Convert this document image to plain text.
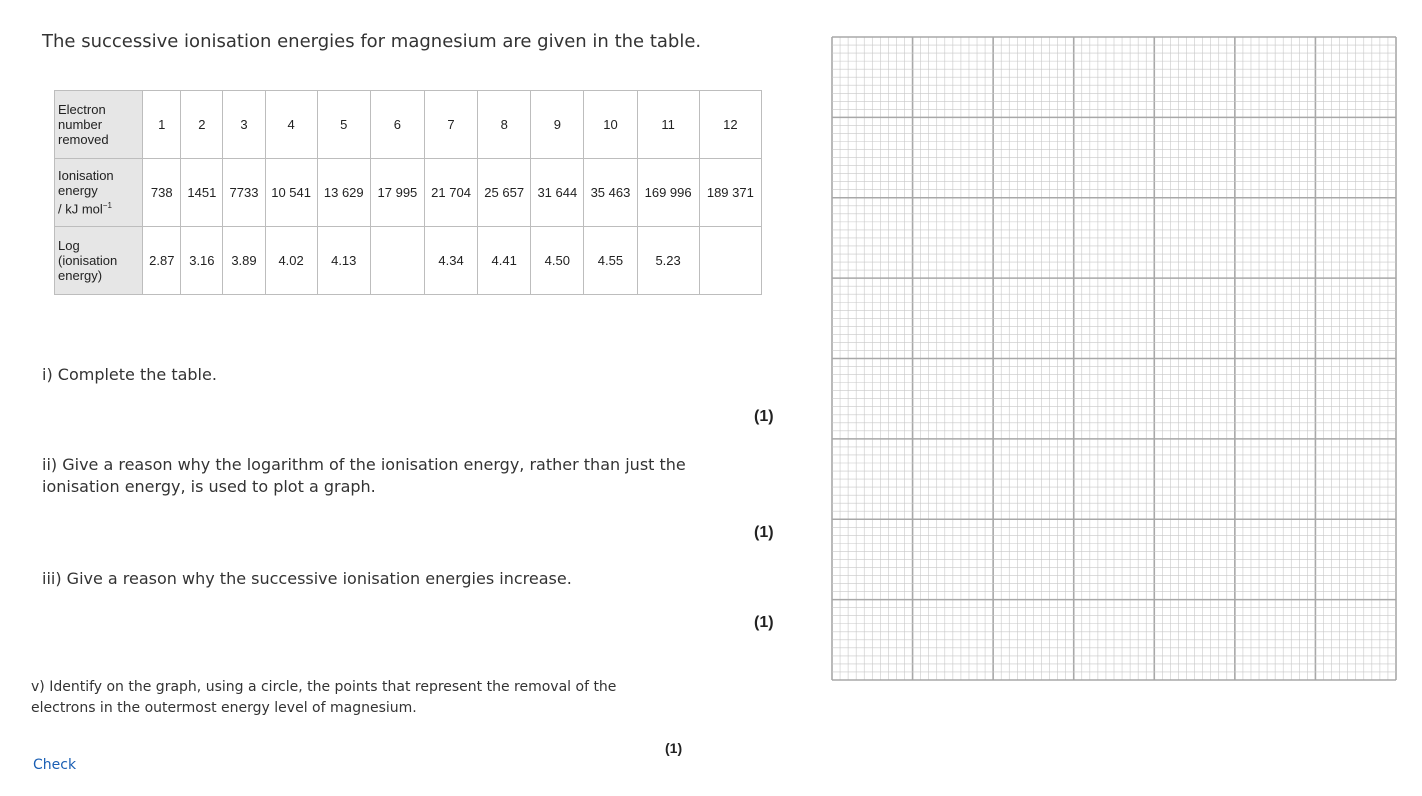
The successive ionisation energies for magnesium are given in the table.
Electron
number
removed	1	2	3	4	5	6	7	8	9	10	11	12
Ionisation
energy
/ kJ mol$^{-1}$	738	1451	7733	10 541	13 629	17 995	21 704	25 657	31 644	35 463	169 996	189 371
Log
(ionisation
energy)	2.87	3.16	3.89	4.02	4.13		4.34	4.41	4.50	4.55	5.23	
i) Complete the table.
(1)
ii) Give a reason why the logarithm of the ionisation energy, rather than just the
ionisation energy, is used to plot a graph.
(1)
iii) Give a reason why the successive ionisation energies increase.
(1)
v) Identify on the graph, using a circle, the points that represent the removal of the
electrons in the outermost energy level of magnesium.
(1)
Check
